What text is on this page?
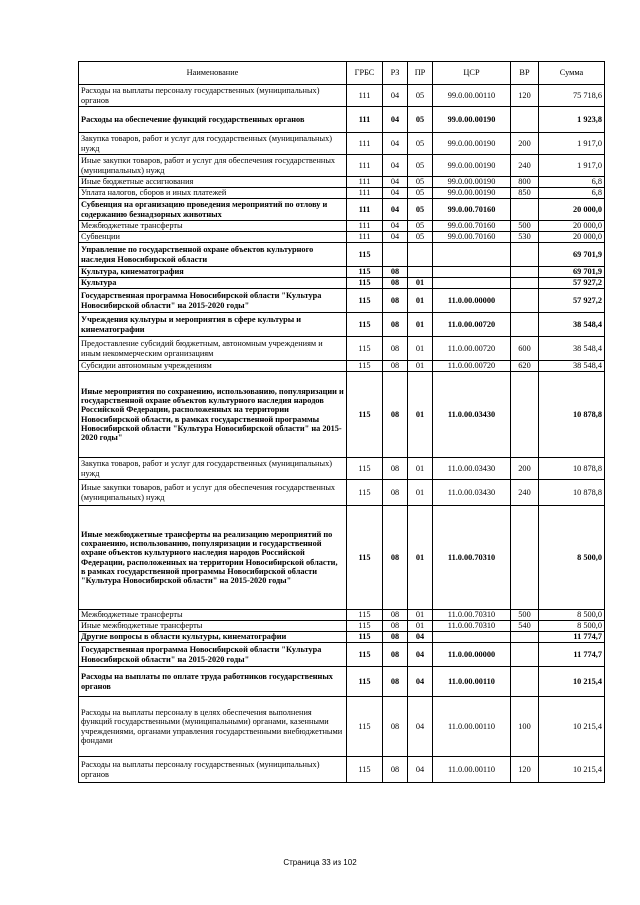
Наименование	ГРБС	РЗ	ПР	ЦСР	ВР	Сумма
Расходы на выплаты персоналу государственных (муниципальных) органов	111	04	05	99.0.00.00110	120	75 718,6
Расходы на обеспечение функций государственных органов	111	04	05	99.0.00.00190		1 923,8
Закупка товаров, работ и услуг для государственных (муниципальных) нужд	111	04	05	99.0.00.00190	200	1 917,0
Иные закупки товаров, работ и услуг для обеспечения государственных (муниципальных) нужд	111	04	05	99.0.00.00190	240	1 917,0
Иные бюджетные ассигнования	111	04	05	99.0.00.00190	800	6,8
Уплата налогов, сборов и иных платежей	111	04	05	99.0.00.00190	850	6,8
Субвенция на организацию проведения мероприятий по отлову и содержанию безнадзорных животных	111	04	05	99.0.00.70160		20 000,0
Межбюджетные трансферты	111	04	05	99.0.00.70160	500	20 000,0
Субвенции	111	04	05	99.0.00.70160	530	20 000,0
Управление по государственной охране объектов культурного наследия Новосибирской области	115					69 701,9
Культура, кинематография	115	08				69 701,9
Культура	115	08	01			57 927,2
Государственная программа Новосибирской области "Культура Новосибирской области" на 2015-2020 годы"	115	08	01	11.0.00.00000		57 927,2
Учреждения культуры и мероприятия в сфере культуры и кинематографии	115	08	01	11.0.00.00720		38 548,4
Предоставление субсидий бюджетным, автономным учреждениям и иным некоммерческим организациям	115	08	01	11.0.00.00720	600	38 548,4
Субсидии автономным учреждениям	115	08	01	11.0.00.00720	620	38 548,4
Иные мероприятия по сохранению, использованию, популяризации и государственной охране объектов культурного наследия народов Российской Федерации, расположенных на территории Новосибирской области, в рамках государственной программы Новосибирской области "Культура Новосибирской области" на 2015-2020 годы"	115	08	01	11.0.00.03430		10 878,8
Закупка товаров, работ и услуг для государственных (муниципальных) нужд	115	08	01	11.0.00.03430	200	10 878,8
Иные закупки товаров, работ и услуг для обеспечения государственных (муниципальных) нужд	115	08	01	11.0.00.03430	240	10 878,8
Иные межбюджетные трансферты на реализацию мероприятий по сохранению, использованию, популяризации и государственной охране объектов культурного наследия народов Российской Федерации, расположенных на территории Новосибирской области, в рамках государственной программы Новосибирской области "Культура Новосибирской области" на 2015-2020 годы"	115	08	01	11.0.00.70310		8 500,0
Межбюджетные трансферты	115	08	01	11.0.00.70310	500	8 500,0
Иные межбюджетные трансферты	115	08	01	11.0.00.70310	540	8 500,0
Другие вопросы в области культуры, кинематографии	115	08	04			11 774,7
Государственная программа Новосибирской области "Культура Новосибирской области" на 2015-2020 годы"	115	08	04	11.0.00.00000		11 774,7
Расходы на выплаты по оплате труда работников государственных органов	115	08	04	11.0.00.00110		10 215,4
Расходы на выплаты персоналу в целях обеспечения выполнения функций государственными (муниципальными) органами, казенными учреждениями, органами управления государственными внебюджетными фондами	115	08	04	11.0.00.00110	100	10 215,4
Расходы на выплаты персоналу государственных (муниципальных) органов	115	08	04	11.0.00.00110	120	10 215,4
Страница 33 из 102
